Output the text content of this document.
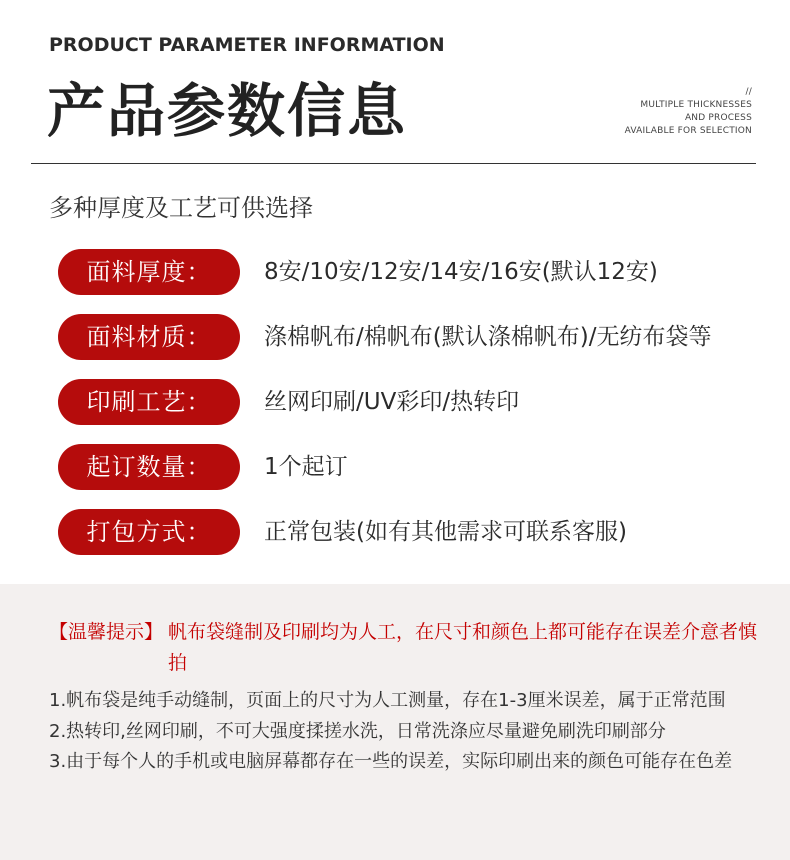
PRODUCT PARAMETER INFORMATION
产品参数信息	//
MULTIPLE THICKNESSES
AND PROCESS
AVAILABLE FOR SELECTION
多种厚度及工艺可供选择
面料厚度：	8安/10安/12安/14安/16安(默认12安)
面料材质：	涤棉帆布/棉帆布(默认涤棉帆布)/无纺布袋等
印刷工艺：	丝网印刷/UV彩印/热转印
起订数量：	1个起订
打包方式：	正常包装(如有其他需求可联系客服)
【温馨提示】 帆布袋缝制及印刷均为人工，在尺寸和颜色上都可能存在误差介意者慎拍
1.帆布袋是纯手动缝制，页面上的尺寸为人工测量，存在1-3厘米误差，属于正常范围
2.热转印,丝网印刷，不可大强度揉搓水洗，日常洗涤应尽量避免刷洗印刷部分
3.由于每个人的手机或电脑屏幕都存在一些的误差，实际印刷出来的颜色可能存在色差
